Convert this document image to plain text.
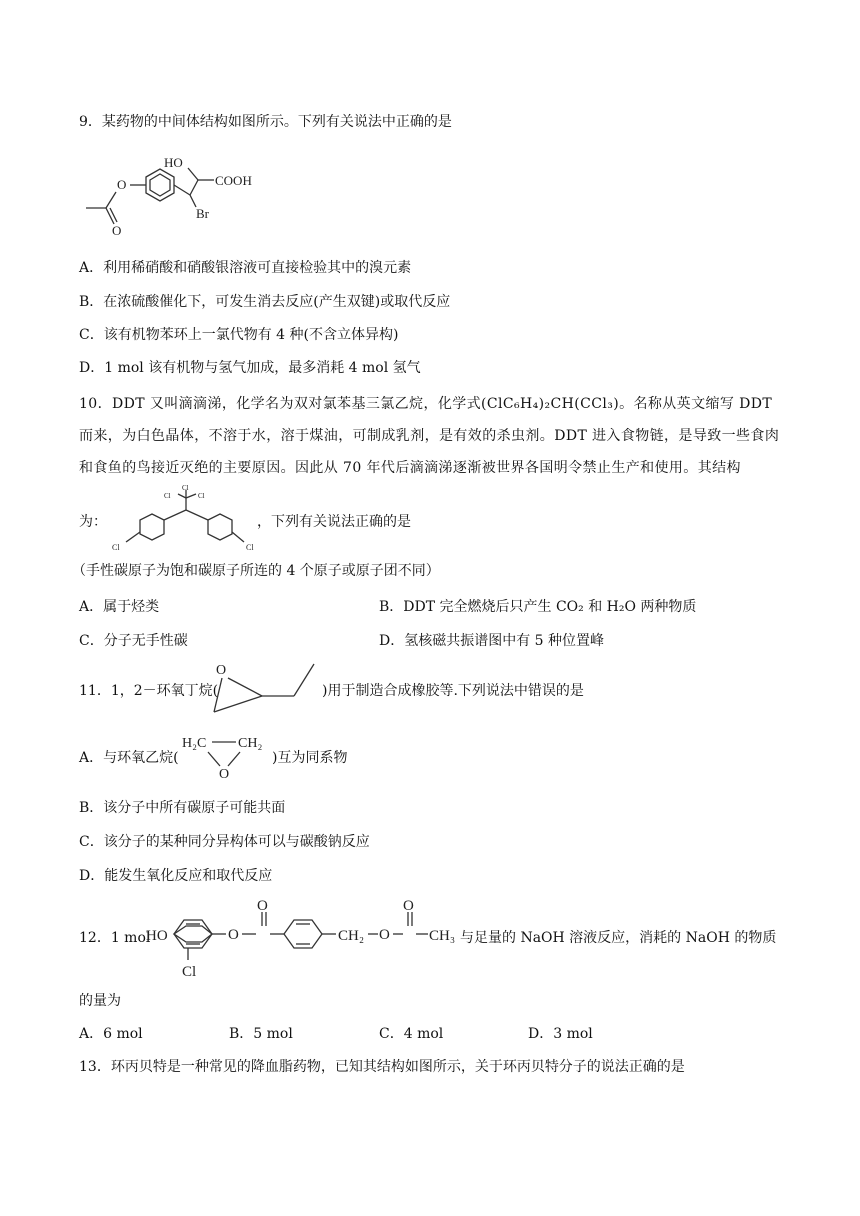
9．某药物的中间体结构如图所示。下列有关说法中正确的是
O
O
HO
COOH
Br
A．利用稀硝酸和硝酸银溶液可直接检验其中的溴元素
B．在浓硫酸催化下，可发生消去反应(产生双键)或取代反应
C．该有机物苯环上一氯代物有 4 种(不含立体异构)
D．1 mol 该有机物与氢气加成，最多消耗 4 mol 氢气
10．DDT 又叫滴滴涕，化学名为双对氯苯基三氯乙烷，化学式(ClC₆H₄)₂CH(CCl₃)。名称从英文缩写 DDT 而来，为白色晶体，不溶于水，溶于煤油，可制成乳剂，是有效的杀虫剂。DDT 进入食物链，是导致一些食肉和食鱼的鸟接近灭绝的主要原因。因此从 70 年代后滴滴涕逐渐被世界各国明令禁止生产和使用。其结构
为：
Cl
Cl	Cl
Cl	Cl
，下列有关说法正确的是
（手性碳原子为饱和碳原子所连的 4 个原子或原子团不同）
A．属于烃类	B．DDT 完全燃烧后只产生 CO₂ 和 H₂O 两种物质
C．分子无手性碳	D．氢核磁共振谱图中有 5 种位置峰
11．1，2－环氧丁烷(
O
)用于制造合成橡胶等.下列说法中错误的是
A．与环氧乙烷(
H₂C CH₂
O
)互为同系物
B．该分子中所有碳原子可能共面
C．该分子的某种同分异构体可以与碳酸钠反应
D．能发生氧化反应和取代反应
12．1 mol
HO	O
O
CH₂ O
O
CH₃
Cl
与足量的 NaOH 溶液反应，消耗的 NaOH 的物质
的量为
A．6 mol	B．5 mol	C．4 mol	D．3 mol
13．环丙贝特是一种常见的降血脂药物，已知其结构如图所示，关于环丙贝特分子的说法正确的是
